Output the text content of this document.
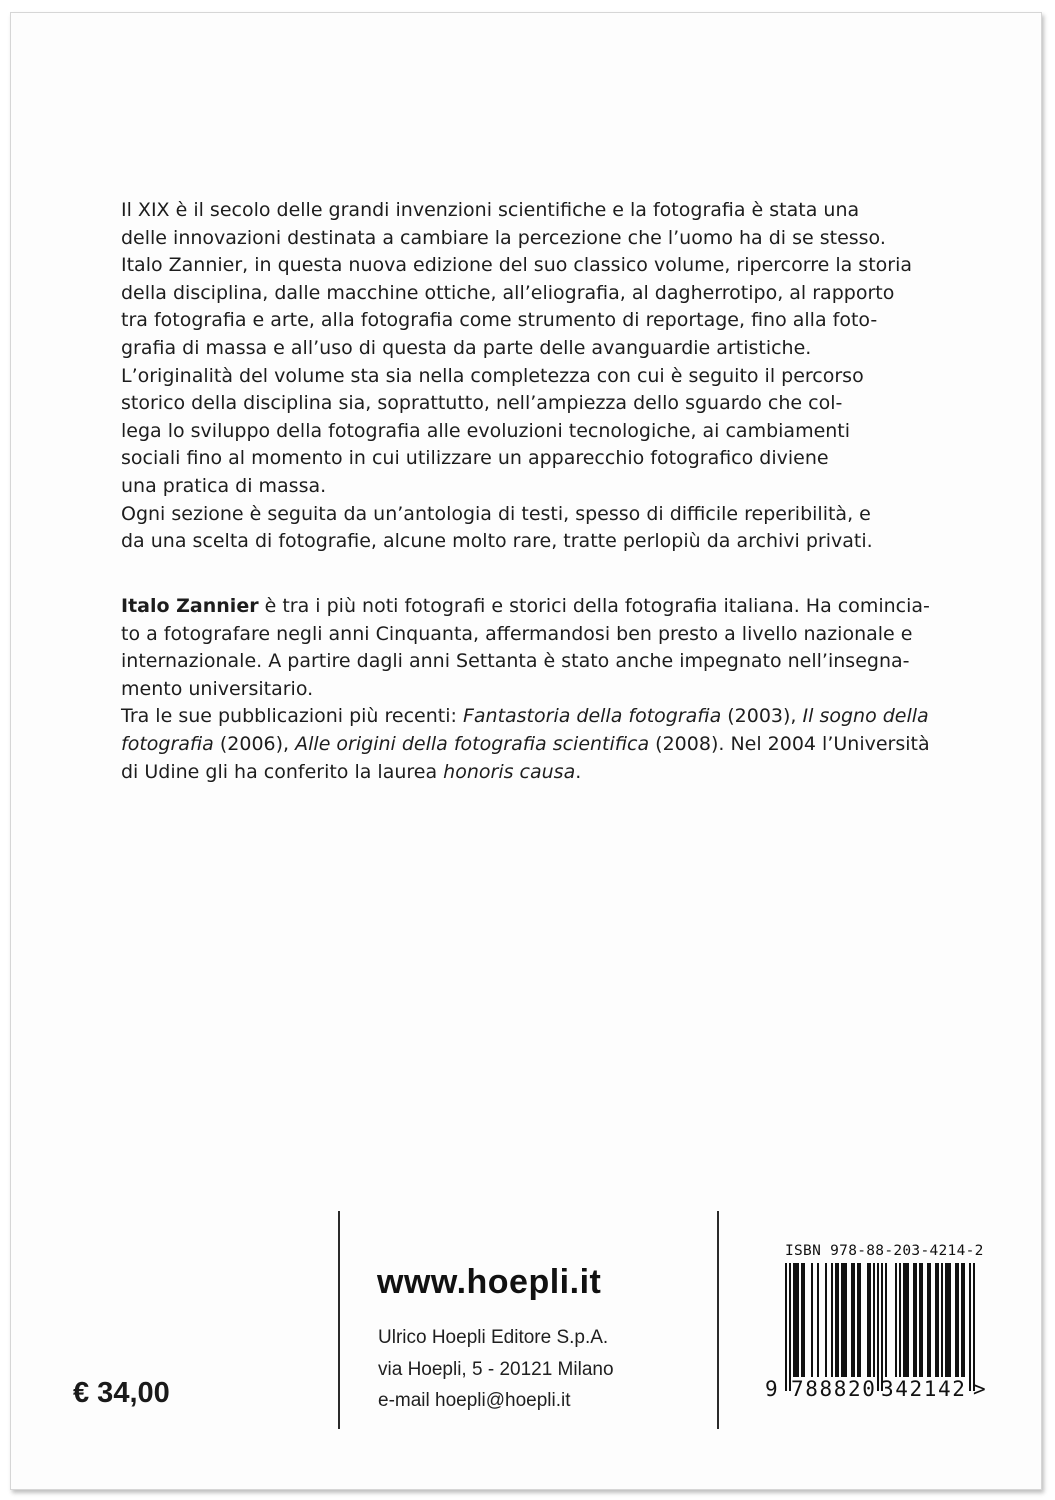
Il XIX è il secolo delle grandi invenzioni scientifiche e la fotografia è stata una
delle innovazioni destinata a cambiare la percezione che l’uomo ha di se stesso.
Italo Zannier, in questa nuova edizione del suo classico volume, ripercorre la storia
della disciplina, dalle macchine ottiche, all’eliografia, al dagherrotipo, al rapporto
tra fotografia e arte, alla fotografia come strumento di reportage, fino alla foto-
grafia di massa e all’uso di questa da parte delle avanguardie artistiche.
L’originalità del volume sta sia nella completezza con cui è seguito il percorso
storico della disciplina sia, soprattutto, nell’ampiezza dello sguardo che col-
lega lo sviluppo della fotografia alle evoluzioni tecnologiche, ai cambiamenti
sociali fino al momento in cui utilizzare un apparecchio fotografico diviene
una pratica di massa.
Ogni sezione è seguita da un’antologia di testi, spesso di difficile reperibilità, e
da una scelta di fotografie, alcune molto rare, tratte perlopiù da archivi privati.
Italo Zannier è tra i più noti fotografi e storici della fotografia italiana. Ha comincia-
to a fotografare negli anni Cinquanta, affermandosi ben presto a livello nazionale e
internazionale. A partire dagli anni Settanta è stato anche impegnato nell’insegna-
mento universitario.
Tra le sue pubblicazioni più recenti: Fantastoria della fotografia (2003), Il sogno della
fotografia (2006), Alle origini della fotografia scientifica (2008). Nel 2004 l’Università
di Udine gli ha conferito la laurea honoris causa.
€ 34,00
www.hoepli.it
Ulrico Hoepli Editore S.p.A.
via Hoepli, 5 - 20121 Milano
e-mail hoepli@hoepli.it
ISBN 978-88-203-4214-2
9 788820 342142 >
